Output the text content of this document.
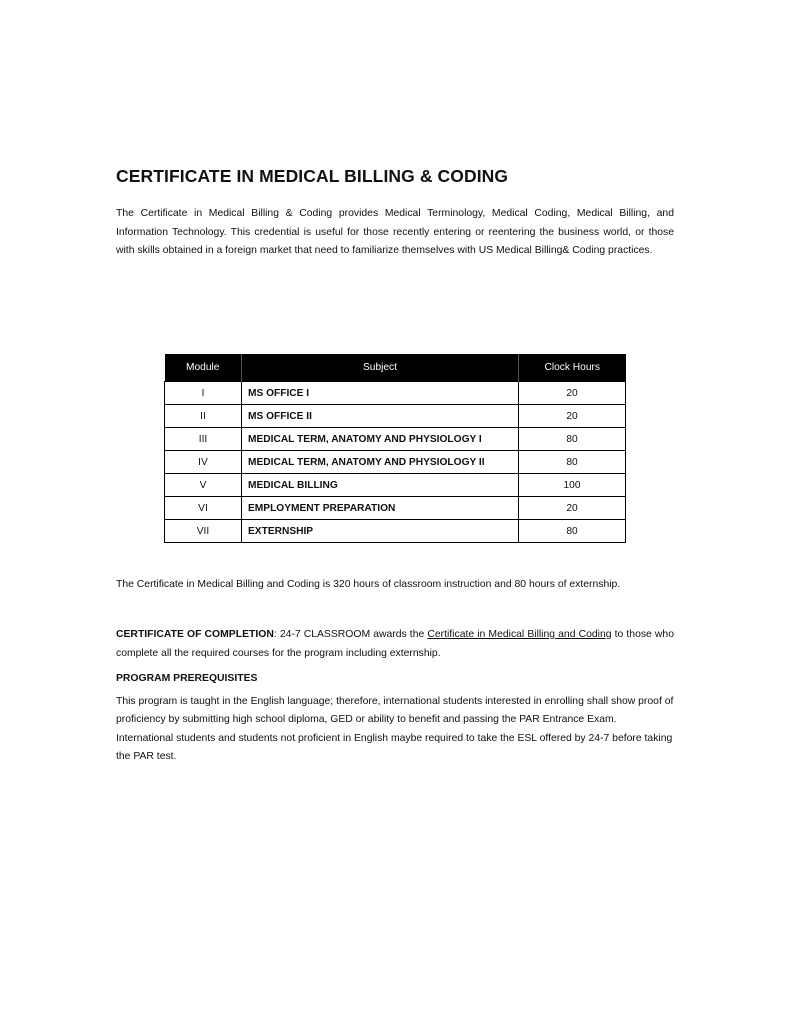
CERTIFICATE IN MEDICAL BILLING & CODING

The Certificate in Medical Billing & Coding provides Medical Terminology, Medical Coding, Medical Billing, and Information Technology. This credential is useful for those recently entering or reentering the business world, or those with skills obtained in a foreign market that need to familiarize themselves with US Medical Billing& Coding practices.

The Certificate in Medical Billing and Coding is 320 hours of classroom instruction and 80 hours of externship.

CERTIFICATE OF COMPLETION: 24-7 CLASSROOM awards the Certificate in Medical Billing and Coding to those who complete all the required courses for the program including externship.

PROGRAM PREREQUISITES

This program is taught in the English language; therefore, international students interested in enrolling shall show proof of proficiency by submitting high school diploma, GED or ability to benefit and passing the PAR Entrance Exam. International students and students not proficient in English maybe required to take the ESL offered by 24-7 before taking the PAR test.

Module	Subject	Clock Hours
I	MS OFFICE I	20
II	MS OFFICE II	20
III	MEDICAL TERM, ANATOMY AND PHYSIOLOGY I	80
IV	MEDICAL TERM, ANATOMY AND PHYSIOLOGY II	80
V	MEDICAL BILLING	100
VI	EMPLOYMENT PREPARATION	20
VII	EXTERNSHIP	80
